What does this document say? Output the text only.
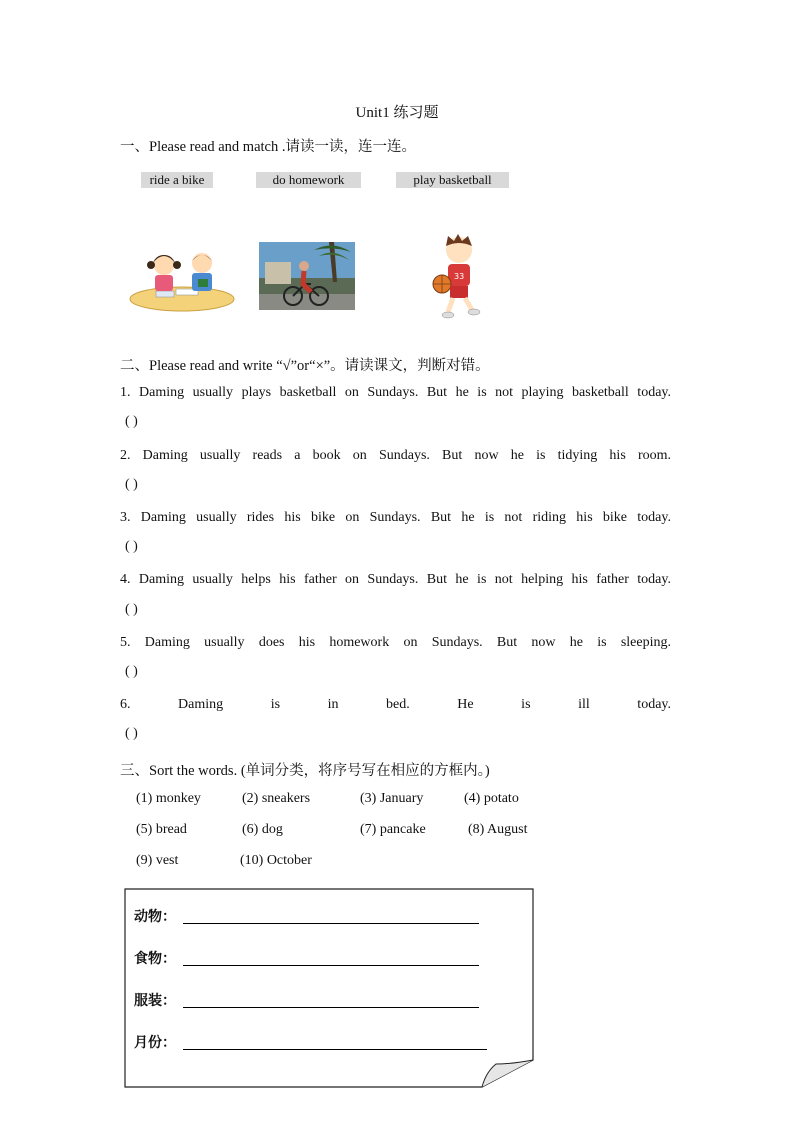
Unit1 练习题
一、Please read and match .请读一读，连一连。
ride a bike	do homework	play basketball
33
二、Please read and write “√”or“×”。请读课文，判断对错。
1. Daming usually plays basketball on Sundays. But he is not playing basketball today.
( )
2. Daming usually reads a book on Sundays. But now he is tidying his room.
( )
3. Daming usually rides his bike on Sundays. But he is not riding his bike today.
( )
4. Daming usually helps his father on Sundays. But he is not helping his father today.
( )
5. Daming usually does his homework on Sundays. But now he is sleeping.
( )
6. Daming is in bed. He is ill today.
( )
三、Sort the words. (单词分类，将序号写在相应的方框内。)
(1) monkey	(2) sneakers	(3) January	(4) potato
(5) bread	(6) dog	(7) pancake	(8) August
(9) vest	(10) October
动物：
食物：
服装：
月份：
